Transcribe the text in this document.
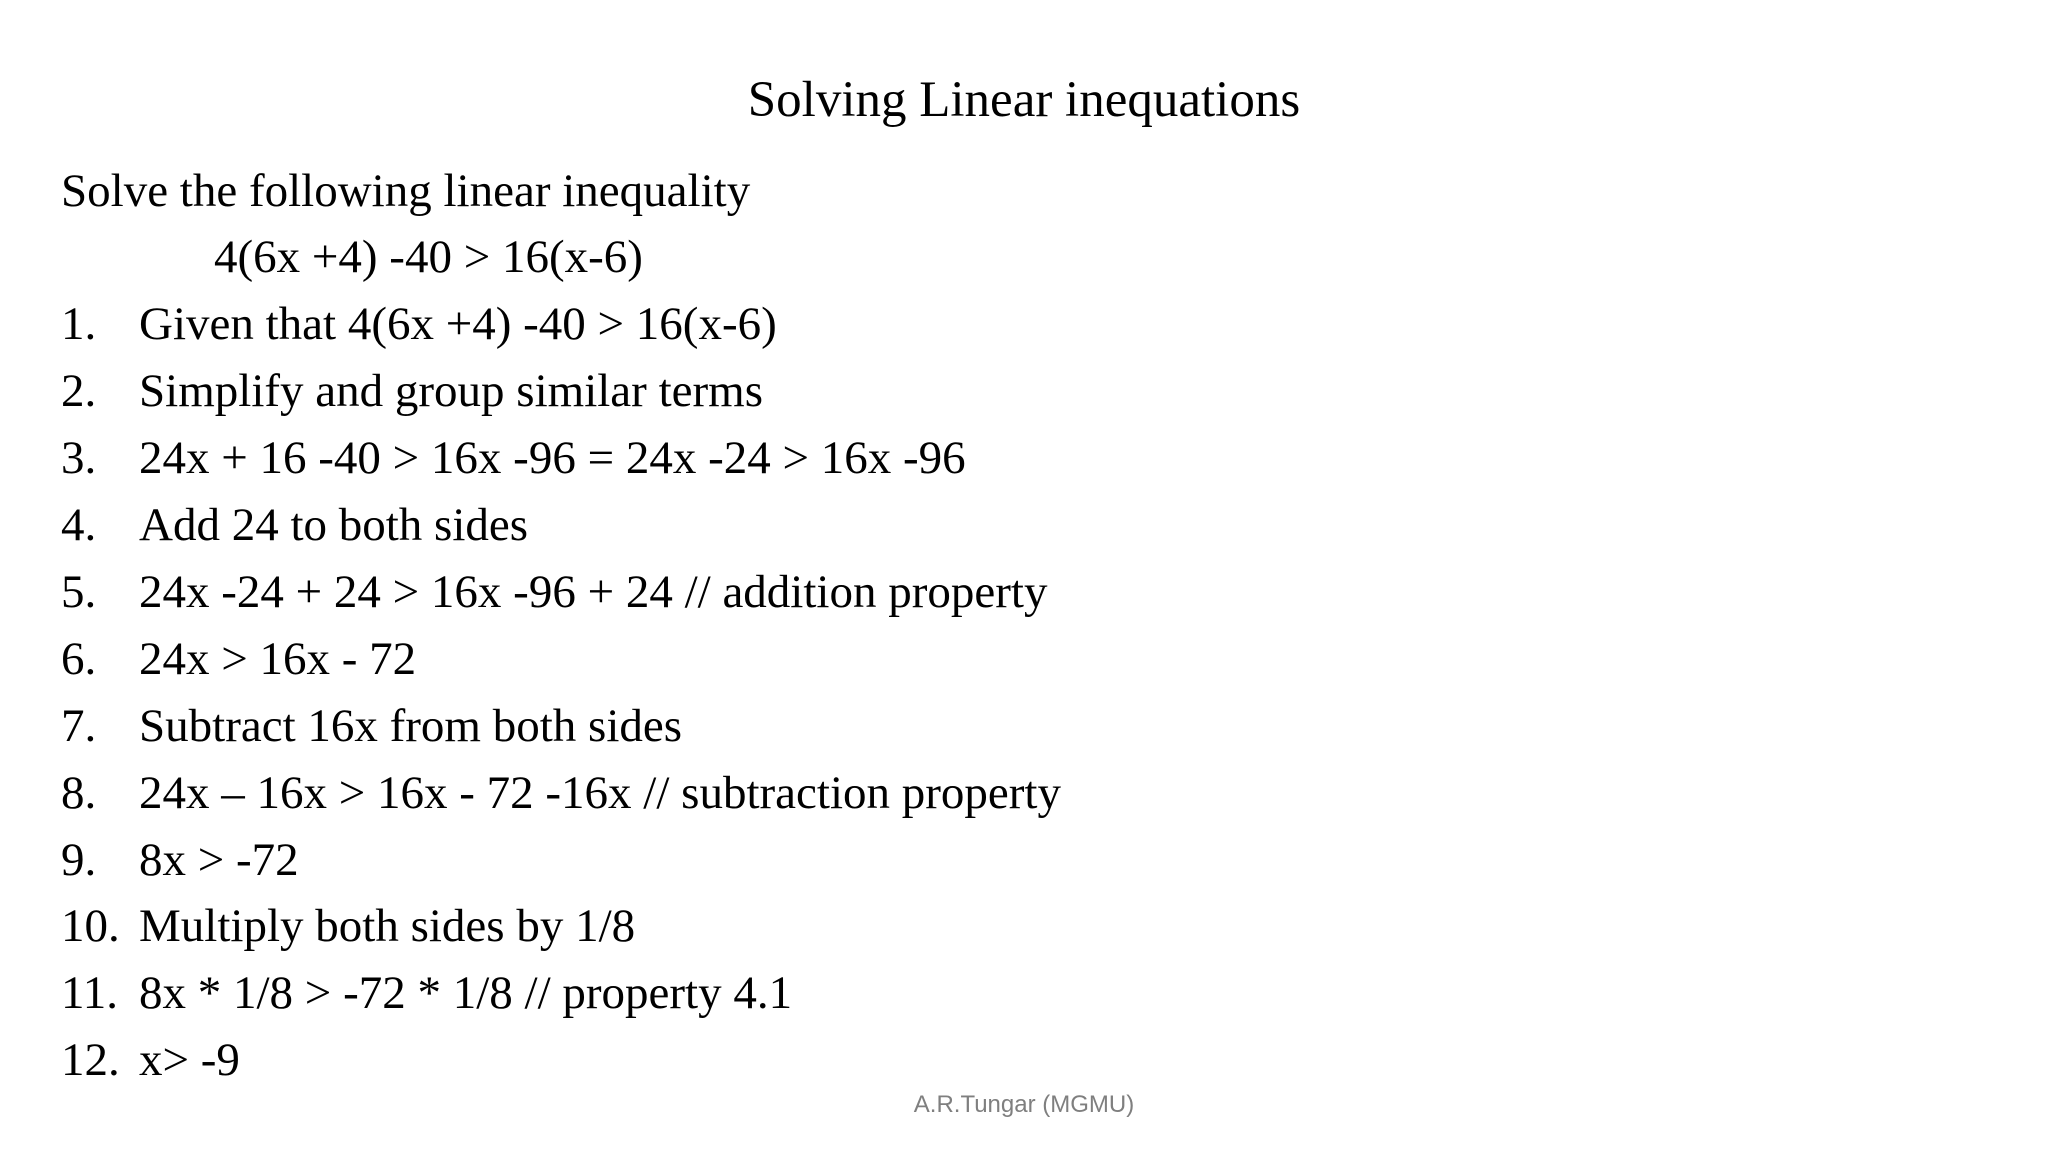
Solving Linear inequations
Solve the following linear inequality
4(6x +4) -40 > 16(x-6)
1. Given that 4(6x +4) -40 > 16(x-6)
2. Simplify and group similar terms
3. 24x + 16 -40 > 16x -96 = 24x -24 > 16x -96
4. Add 24 to both sides
5. 24x -24 + 24 > 16x -96 + 24 // addition property
6. 24x > 16x - 72
7. Subtract 16x from both sides
8. 24x – 16x > 16x - 72 -16x // subtraction property
9. 8x > -72
10. Multiply both sides by 1/8
11. 8x * 1/8 > -72 * 1/8 // property 4.1
12. x> -9
A.R.Tungar (MGMU)
